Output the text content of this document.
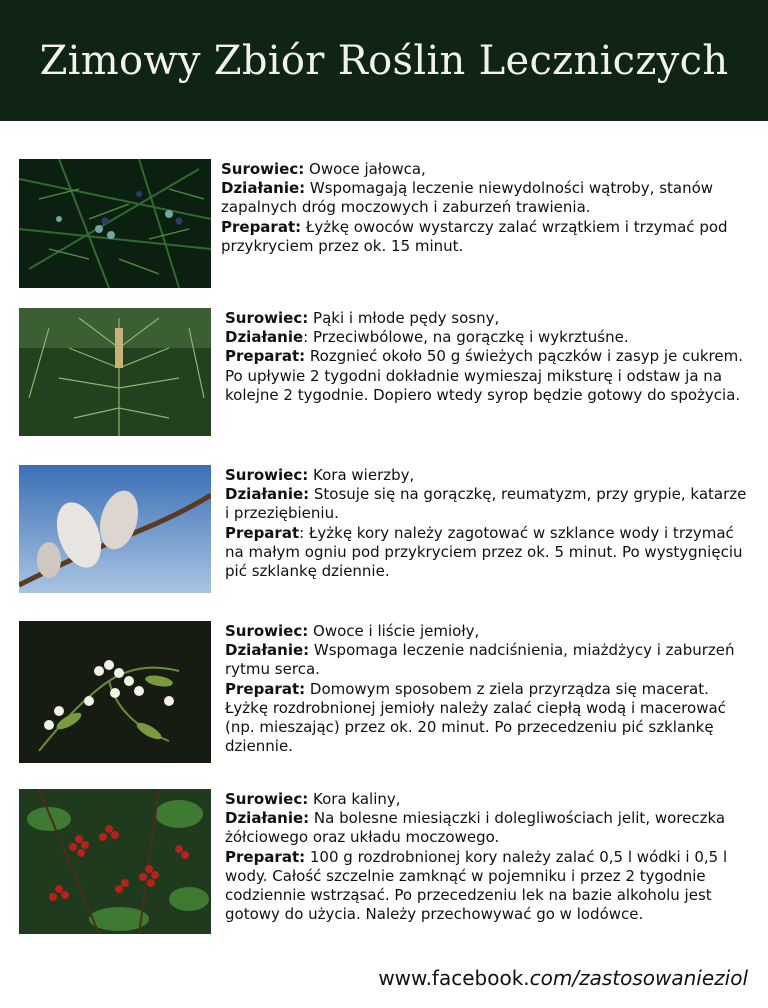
Zimowy Zbiór Roślin Leczniczych

Surowiec: Owoce jałowca,

Działanie: Wspomagają leczenie niewydolności wątroby, stanów zapalnych dróg moczowych i zaburzeń trawienia.

Preparat: Łyżkę owoców wystarczy zalać wrzątkiem i trzymać pod przykryciem przez ok. 15 minut.

Surowiec: Pąki i młode pędy sosny,

Działanie: Przeciwbólowe, na gorączkę i wykrztuśne.

Preparat: Rozgnieć około 50 g świeżych pączków i zasyp je cukrem. Po upływie 2 tygodni dokładnie wymieszaj miksturę i odstaw ja na kolejne 2 tygodnie. Dopiero wtedy syrop będzie gotowy do spożycia.

Surowiec: Kora wierzby,

Działanie: Stosuje się na gorączkę, reumatyzm, przy grypie, katarze i przeziębieniu.

Preparat: Łyżkę kory należy zagotować w szklance wody i trzymać na małym ogniu pod przykryciem przez ok. 5 minut. Po wystygnięciu pić szklankę dziennie.

Surowiec: Owoce i liście jemioły,

Działanie: Wspomaga leczenie nadciśnienia, miażdżycy i zaburzeń rytmu serca.

Preparat: Domowym sposobem z ziela przyrządza się macerat. Łyżkę rozdrobnionej jemioły należy zalać ciepłą wodą i macerować (np. mieszając) przez ok. 20 minut. Po przecedzeniu pić szklankę dziennie.

Surowiec: Kora kaliny,

Działanie: Na bolesne miesiączki i dolegliwościach jelit, woreczka żółciowego oraz układu moczowego.

Preparat: 100 g rozdrobnionej kory należy zalać 0,5 l wódki i 0,5 l wody. Całość szczelnie zamknąć w pojemniku i przez 2 tygodnie codziennie wstrząsać. Po przecedzeniu lek na bazie alkoholu jest gotowy do użycia. Należy przechowywać go w lodówce.

www.facebook.com/zastosowanieziol
